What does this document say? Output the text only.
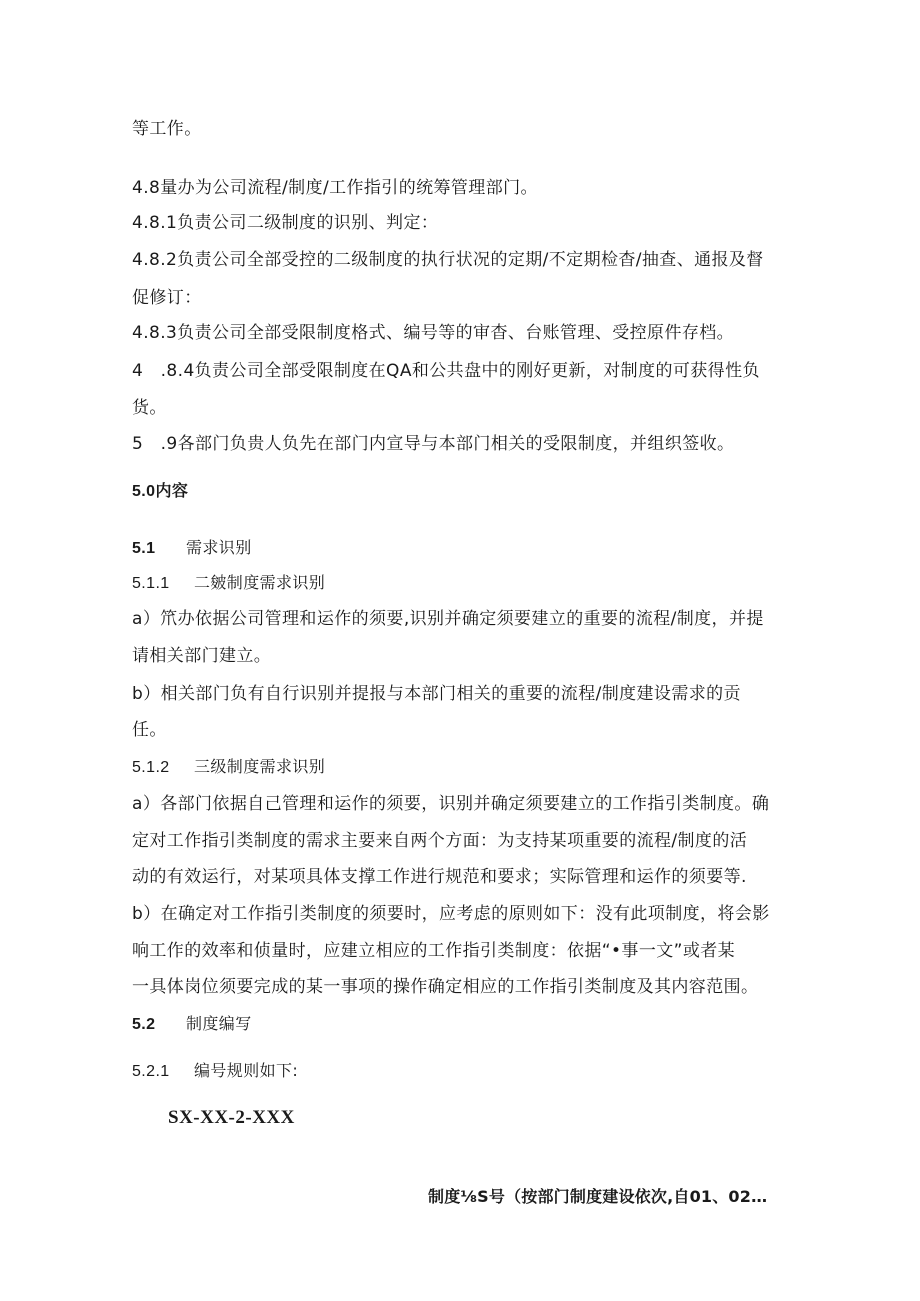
等工作。
4.8量办为公司流程/制度/工作指引的统筹管理部门。
4.8.1负责公司二级制度的识别、判定：
4.8.2负责公司全部受控的二级制度的执行状况的定期/不定期检杳/抽查、通报及督
促修订：
4.8.3负责公司全部受限制度格式、编号等的审杳、台账管理、受控原件存档。
4 .8.4负责公司全部受限制度在QA和公共盘中的刚好更新，对制度的可获得性负
货。
5 .9各部门负贵人负先在部门内宣导与本部门相关的受限制度，并组织签收。
5.0内容
5.1 需求识别
5.1.1 二皴制度需求识别
a）笊办依据公司管理和运作的须要,识别并确定须要建立的重要的流程/制度，并提
请相关部门建立。
b）相关部门负有自行识别并提报与本部门相关的重要的流程/制度建设需求的贡
任。
5.1.2 三级制度需求识别
a）各部门依据自己管理和运作的须要，识别并确定须要建立的工作指引类制度。确
定对工作指引类制度的需求主要来自两个方面：为支持某项重要的流程/制度的活
动的有效运行，对某项具体支撑工作进行规范和要求；实际管理和运作的须要等.
b）在确定对工作指引类制度的须要时，应考虑的原则如下：没有此项制度，将会影
响工作的效率和侦量时，应建立相应的工作指引类制度：依据“•事一文”或者某
一具体岗位须要完成的某一事项的操作确定相应的工作指引类制度及其内容范围。
5.2 制度编写
5.2.1 编号规则如下:
SX-XX-2-XXX
制度⅛S号（按部门制度建设依次,自01、02…
